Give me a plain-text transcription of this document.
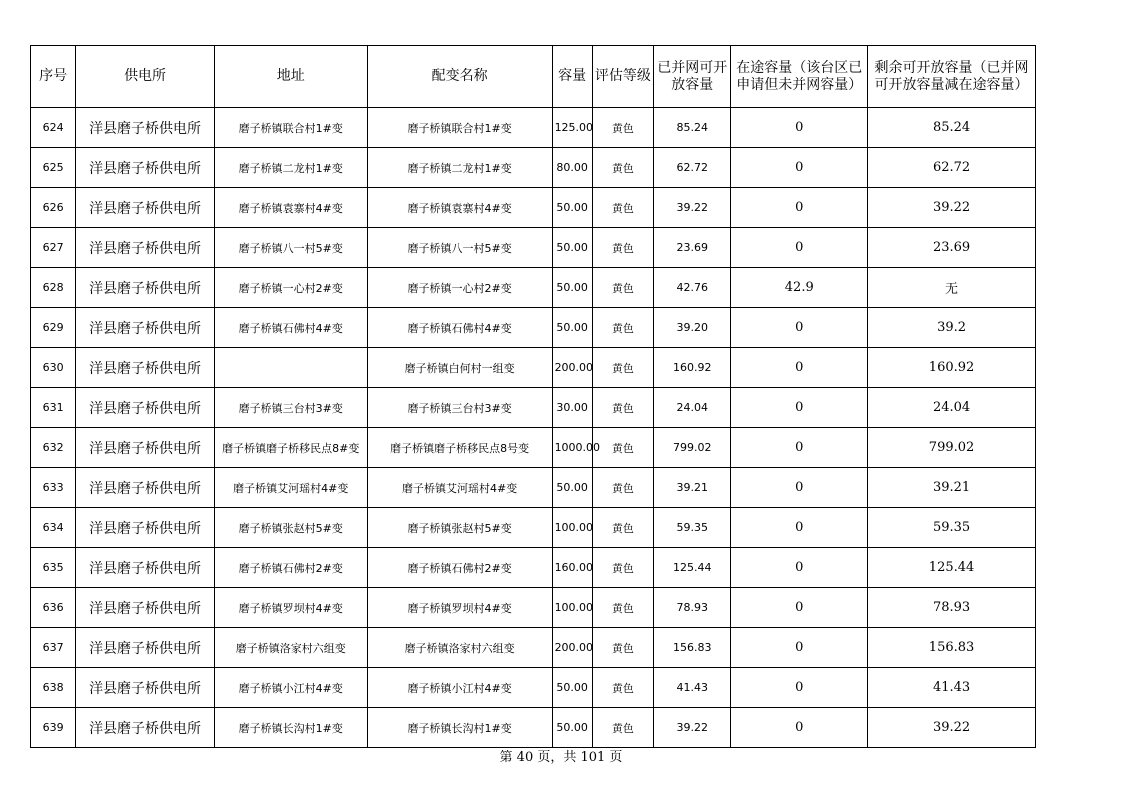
序号	供电所	地址	配变名称	容量	评估等级	已并网可开放容量	在途容量（该台区已申请但未并网容量）	剩余可开放容量（已并网可开放容量减在途容量）
624	洋县磨子桥供电所	磨子桥镇联合村1#变	磨子桥镇联合村1#变	125.00	黄色	85.24	0	85.24
625	洋县磨子桥供电所	磨子桥镇二龙村1#变	磨子桥镇二龙村1#变	80.00	黄色	62.72	0	62.72
626	洋县磨子桥供电所	磨子桥镇袁寨村4#变	磨子桥镇袁寨村4#变	50.00	黄色	39.22	0	39.22
627	洋县磨子桥供电所	磨子桥镇八一村5#变	磨子桥镇八一村5#变	50.00	黄色	23.69	0	23.69
628	洋县磨子桥供电所	磨子桥镇一心村2#变	磨子桥镇一心村2#变	50.00	黄色	42.76	42.9	无
629	洋县磨子桥供电所	磨子桥镇石佛村4#变	磨子桥镇石佛村4#变	50.00	黄色	39.20	0	39.2
630	洋县磨子桥供电所		磨子桥镇白何村一组变	200.00	黄色	160.92	0	160.92
631	洋县磨子桥供电所	磨子桥镇三台村3#变	磨子桥镇三台村3#变	30.00	黄色	24.04	0	24.04
632	洋县磨子桥供电所	磨子桥镇磨子桥移民点8#变	磨子桥镇磨子桥移民点8号变	1000.00	黄色	799.02	0	799.02
633	洋县磨子桥供电所	磨子桥镇艾河瑶村4#变	磨子桥镇艾河瑶村4#变	50.00	黄色	39.21	0	39.21
634	洋县磨子桥供电所	磨子桥镇张赵村5#变	磨子桥镇张赵村5#变	100.00	黄色	59.35	0	59.35
635	洋县磨子桥供电所	磨子桥镇石佛村2#变	磨子桥镇石佛村2#变	160.00	黄色	125.44	0	125.44
636	洋县磨子桥供电所	磨子桥镇罗坝村4#变	磨子桥镇罗坝村4#变	100.00	黄色	78.93	0	78.93
637	洋县磨子桥供电所	磨子桥镇洛家村六组变	磨子桥镇洛家村六组变	200.00	黄色	156.83	0	156.83
638	洋县磨子桥供电所	磨子桥镇小江村4#变	磨子桥镇小江村4#变	50.00	黄色	41.43	0	41.43
639	洋县磨子桥供电所	磨子桥镇长沟村1#变	磨子桥镇长沟村1#变	50.00	黄色	39.22	0	39.22
第 40 页，共 101 页
